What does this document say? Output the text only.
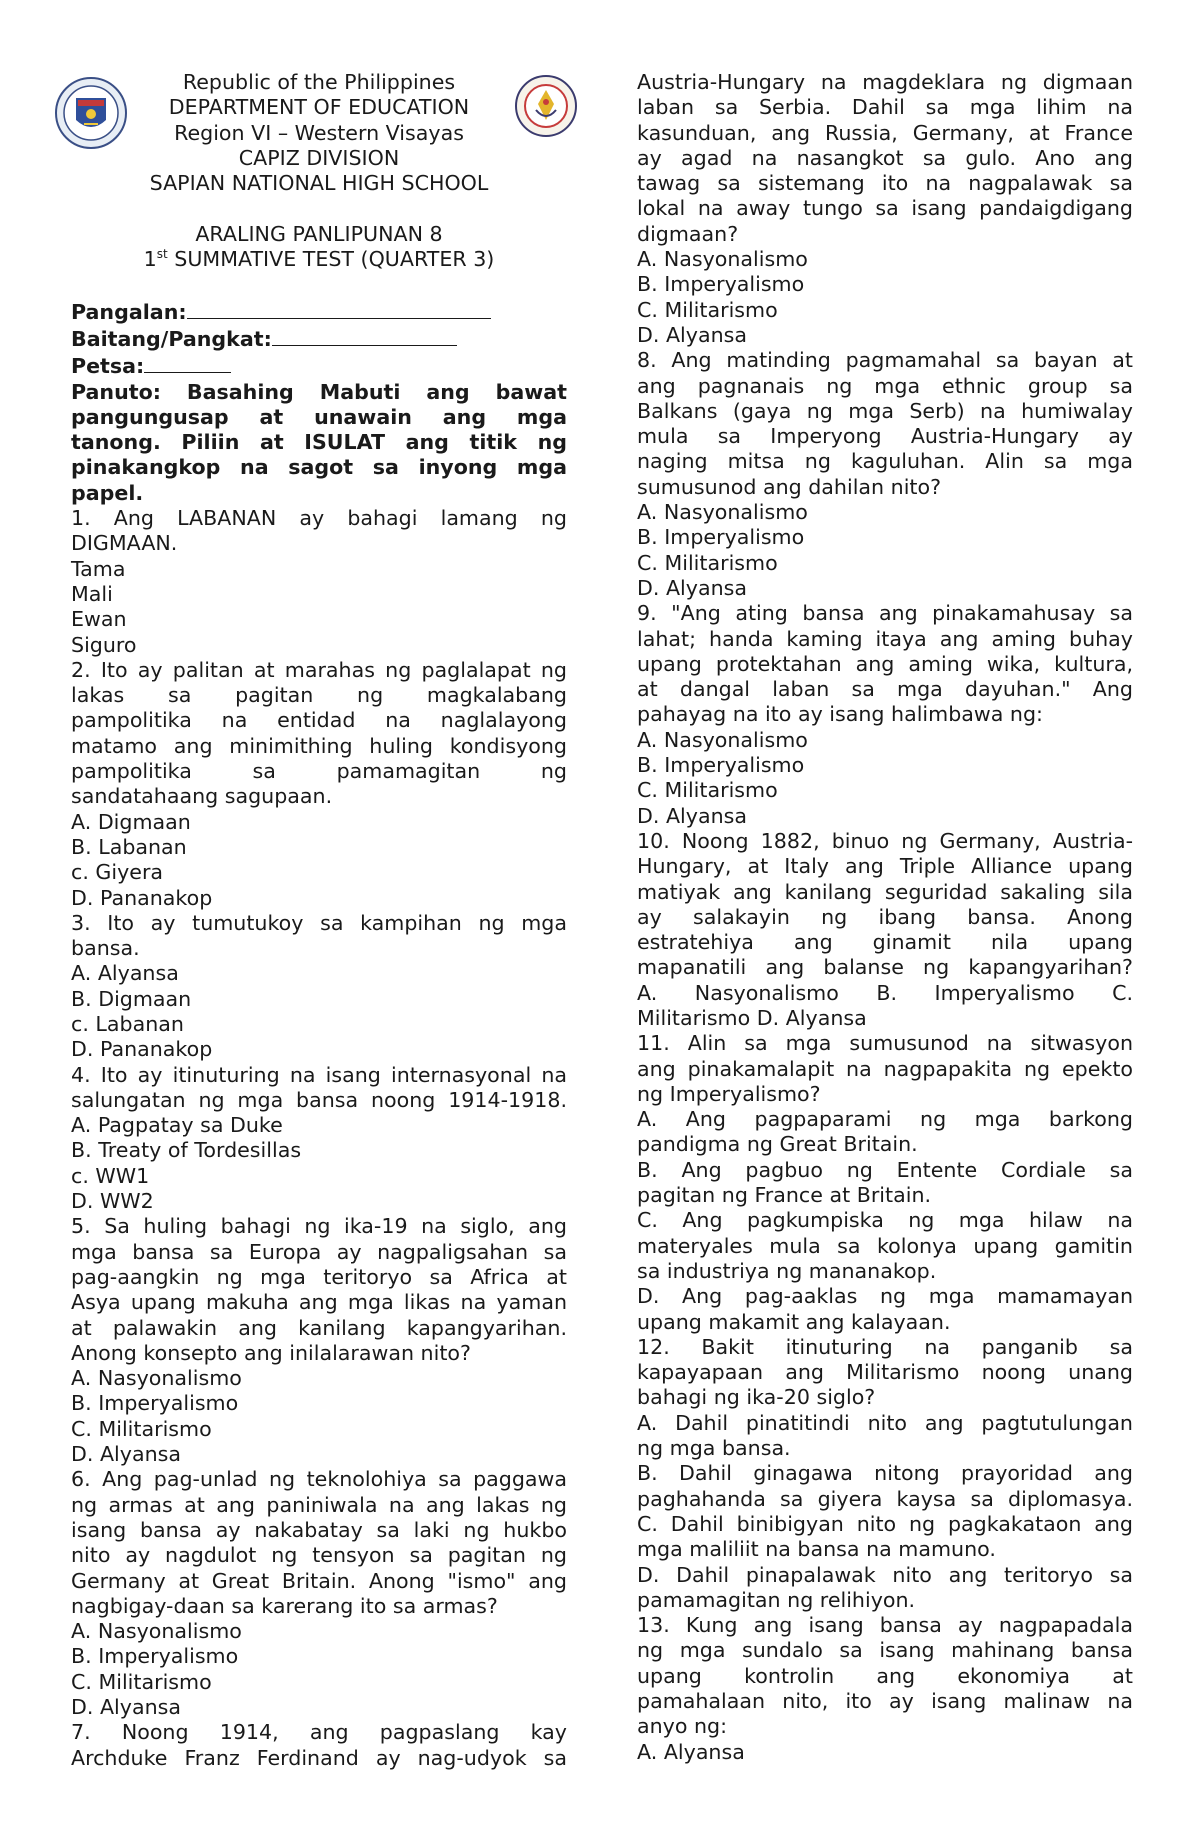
Republic of the Philippines
DEPARTMENT OF EDUCATION
Region VI – Western Visayas
CAPIZ DIVISION
SAPIAN NATIONAL HIGH SCHOOL
ARALING PANLIPUNAN 8
1st SUMMATIVE TEST (QUARTER 3)
Pangalan:
Baitang/Pangkat:
Petsa:
Panuto: Basahing Mabuti ang bawat
pangungusap at unawain ang mga
tanong. Piliin at ISULAT ang titik ng
pinakangkop na sagot sa inyong mga
papel.
1. Ang LABANAN ay bahagi lamang ng
DIGMAAN.
Tama
Mali
Ewan
Siguro
2. Ito ay palitan at marahas ng paglalapat ng
lakas sa pagitan ng magkalabang
pampolitika na entidad na naglalayong
matamo ang minimithing huling kondisyong
pampolitika sa pamamagitan ng
sandatahaang sagupaan.
A. Digmaan
B. Labanan
c. Giyera
D. Pananakop
3. Ito ay tumutukoy sa kampihan ng mga
bansa.
A. Alyansa
B. Digmaan
c. Labanan
D. Pananakop
4. Ito ay itinuturing na isang internasyonal na
salungatan ng mga bansa noong 1914-1918.
A. Pagpatay sa Duke
B. Treaty of Tordesillas
c. WW1
D. WW2
5. Sa huling bahagi ng ika-19 na siglo, ang
mga bansa sa Europa ay nagpaligsahan sa
pag-aangkin ng mga teritoryo sa Africa at
Asya upang makuha ang mga likas na yaman
at palawakin ang kanilang kapangyarihan.
Anong konsepto ang inilalarawan nito?
A. Nasyonalismo
B. Imperyalismo
C. Militarismo
D. Alyansa
6. Ang pag-unlad ng teknolohiya sa paggawa
ng armas at ang paniniwala na ang lakas ng
isang bansa ay nakabatay sa laki ng hukbo
nito ay nagdulot ng tensyon sa pagitan ng
Germany at Great Britain. Anong "ismo" ang
nagbigay-daan sa karerang ito sa armas?
A. Nasyonalismo
B. Imperyalismo
C. Militarismo
D. Alyansa
7. Noong 1914, ang pagpaslang kay
Archduke Franz Ferdinand ay nag-udyok sa
Austria-Hungary na magdeklara ng digmaan
laban sa Serbia. Dahil sa mga lihim na
kasunduan, ang Russia, Germany, at France
ay agad na nasangkot sa gulo. Ano ang
tawag sa sistemang ito na nagpalawak sa
lokal na away tungo sa isang pandaigdigang
digmaan?
A. Nasyonalismo
B. Imperyalismo
C. Militarismo
D. Alyansa
8. Ang matinding pagmamahal sa bayan at
ang pagnanais ng mga ethnic group sa
Balkans (gaya ng mga Serb) na humiwalay
mula sa Imperyong Austria-Hungary ay
naging mitsa ng kaguluhan. Alin sa mga
sumusunod ang dahilan nito?
A. Nasyonalismo
B. Imperyalismo
C. Militarismo
D. Alyansa
9. "Ang ating bansa ang pinakamahusay sa
lahat; handa kaming itaya ang aming buhay
upang protektahan ang aming wika, kultura,
at dangal laban sa mga dayuhan." Ang
pahayag na ito ay isang halimbawa ng:
A. Nasyonalismo
B. Imperyalismo
C. Militarismo
D. Alyansa
10. Noong 1882, binuo ng Germany, Austria-
Hungary, at Italy ang Triple Alliance upang
matiyak ang kanilang seguridad sakaling sila
ay salakayin ng ibang bansa. Anong
estratehiya ang ginamit nila upang
mapanatili ang balanse ng kapangyarihan?
A. Nasyonalismo B. Imperyalismo C.
Militarismo D. Alyansa
11. Alin sa mga sumusunod na sitwasyon
ang pinakamalapit na nagpapakita ng epekto
ng Imperyalismo?
A. Ang pagpaparami ng mga barkong
pandigma ng Great Britain.
B. Ang pagbuo ng Entente Cordiale sa
pagitan ng France at Britain.
C. Ang pagkumpiska ng mga hilaw na
materyales mula sa kolonya upang gamitin
sa industriya ng mananakop.
D. Ang pag-aaklas ng mga mamamayan
upang makamit ang kalayaan.
12. Bakit itinuturing na panganib sa
kapayapaan ang Militarismo noong unang
bahagi ng ika-20 siglo?
A. Dahil pinatitindi nito ang pagtutulungan
ng mga bansa.
B. Dahil ginagawa nitong prayoridad ang
paghahanda sa giyera kaysa sa diplomasya.
C. Dahil binibigyan nito ng pagkakataon ang
mga maliliit na bansa na mamuno.
D. Dahil pinapalawak nito ang teritoryo sa
pamamagitan ng relihiyon.
13. Kung ang isang bansa ay nagpapadala
ng mga sundalo sa isang mahinang bansa
upang kontrolin ang ekonomiya at
pamahalaan nito, ito ay isang malinaw na
anyo ng:
A. Alyansa
